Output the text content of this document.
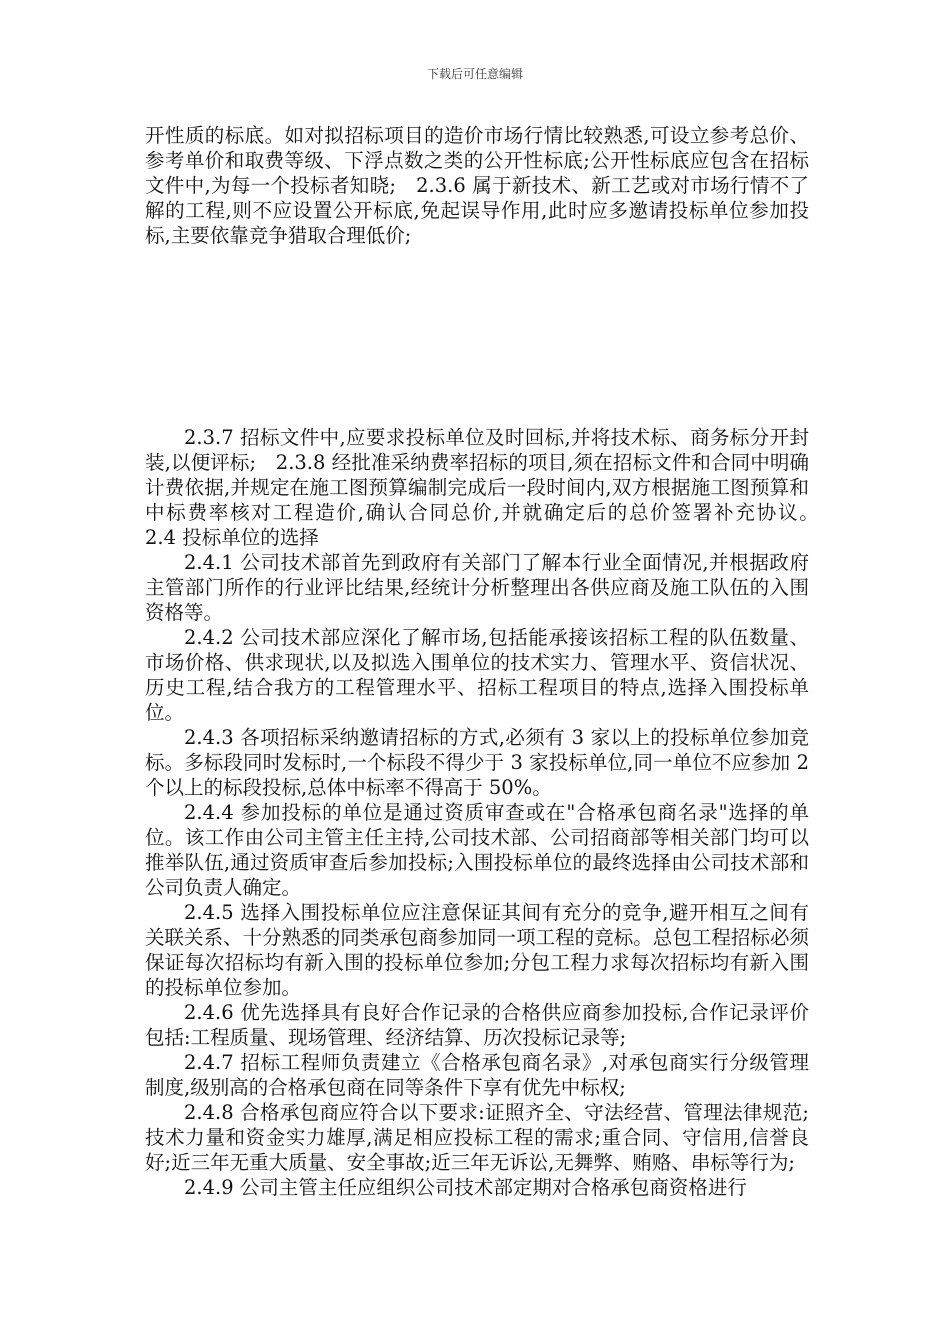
下载后可任意编辑

开性质的标底。如对拟招标项目的造价市场行情比较熟悉,可设立参考总价、参考单价和取费等级、下浮点数之类的公开性标底;公开性标底应包含在招标文件中,为每一个投标者知晓;　2.3.6 属于新技术、新工艺或对市场行情不了解的工程,则不应设置公开标底,免起误导作用,此时应多邀请投标单位参加投标,主要依靠竞争猎取合理低价;

2.3.7 招标文件中,应要求投标单位及时回标,并将技术标、商务标分开封装,以便评标;　2.3.8 经批准采纳费率招标的项目,须在招标文件和合同中明确计费依据,并规定在施工图预算编制完成后一段时间内,双方根据施工图预算和中标费率核对工程造价,确认合同总价,并就确定后的总价签署补充协议。　　　　2.4 投标单位的选择

2.4.1 公司技术部首先到政府有关部门了解本行业全面情况,并根据政府主管部门所作的行业评比结果,经统计分析整理出各供应商及施工队伍的入围资格等。

2.4.2 公司技术部应深化了解市场,包括能承接该招标工程的队伍数量、市场价格、供求现状,以及拟选入围单位的技术实力、管理水平、资信状况、历史工程,结合我方的工程管理水平、招标工程项目的特点,选择入围投标单位。

2.4.3 各项招标采纳邀请招标的方式,必须有 3 家以上的投标单位参加竞标。多标段同时发标时,一个标段不得少于 3 家投标单位,同一单位不应参加 2 个以上的标段投标,总体中标率不得高于 50%。

2.4.4 参加投标的单位是通过资质审查或在"合格承包商名录"选择的单位。该工作由公司主管主任主持,公司技术部、公司招商部等相关部门均可以推举队伍,通过资质审查后参加投标;入围投标单位的最终选择由公司技术部和公司负责人确定。

2.4.5 选择入围投标单位应注意保证其间有充分的竞争,避开相互之间有关联关系、十分熟悉的同类承包商参加同一项工程的竞标。总包工程招标必须保证每次招标均有新入围的投标单位参加;分包工程力求每次招标均有新入围的投标单位参加。

2.4.6 优先选择具有良好合作记录的合格供应商参加投标,合作记录评价包括:工程质量、现场管理、经济结算、历次投标记录等;

2.4.7 招标工程师负责建立《合格承包商名录》,对承包商实行分级管理制度,级别高的合格承包商在同等条件下享有优先中标权;

2.4.8 合格承包商应符合以下要求:证照齐全、守法经营、管理法律规范;技术力量和资金实力雄厚,满足相应投标工程的需求;重合同、守信用,信誉良好;近三年无重大质量、安全事故;近三年无诉讼,无舞弊、贿赂、串标等行为;

2.4.9 公司主管主任应组织公司技术部定期对合格承包商资格进行
